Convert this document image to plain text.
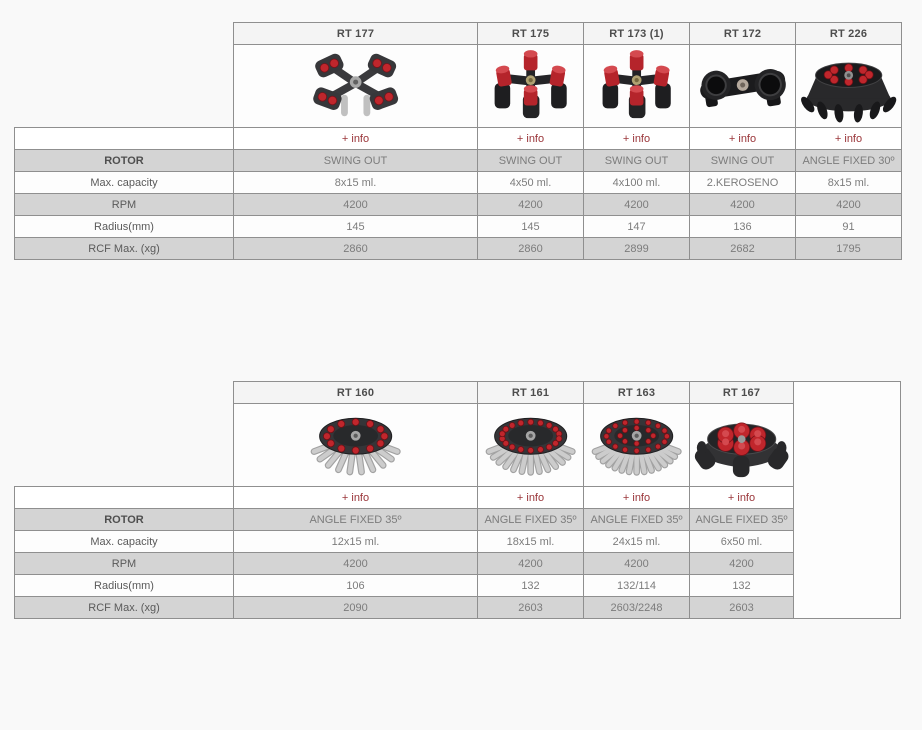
	RT 177	RT 175	RT 173 (1)	RT 172	RT 226

	+ info	+ info	+ info	+ info	+ info
ROTOR	SWING OUT	SWING OUT	SWING OUT	SWING OUT	ANGLE FIXED 30º
Max. capacity	8x15 ml.	4x50 ml.	4x100 ml.	2.KEROSENO	8x15 ml.
RPM	4200	4200	4200	4200	4200
Radius(mm)	145	145	147	136	91
RCF Max. (xg)	2860	2860	2899	2682	1795
	RT 160	RT 161	RT 163	RT 167	

	+ info	+ info	+ info	+ info	
ROTOR	ANGLE FIXED 35º	ANGLE FIXED 35º	ANGLE FIXED 35º	ANGLE FIXED 35º	
Max. capacity	12x15 ml.	18x15 ml.	24x15 ml.	6x50 ml.	
RPM	4200	4200	4200	4200	
Radius(mm)	106	132	132/114	132	
RCF Max. (xg)	2090	2603	2603/2248	2603	
